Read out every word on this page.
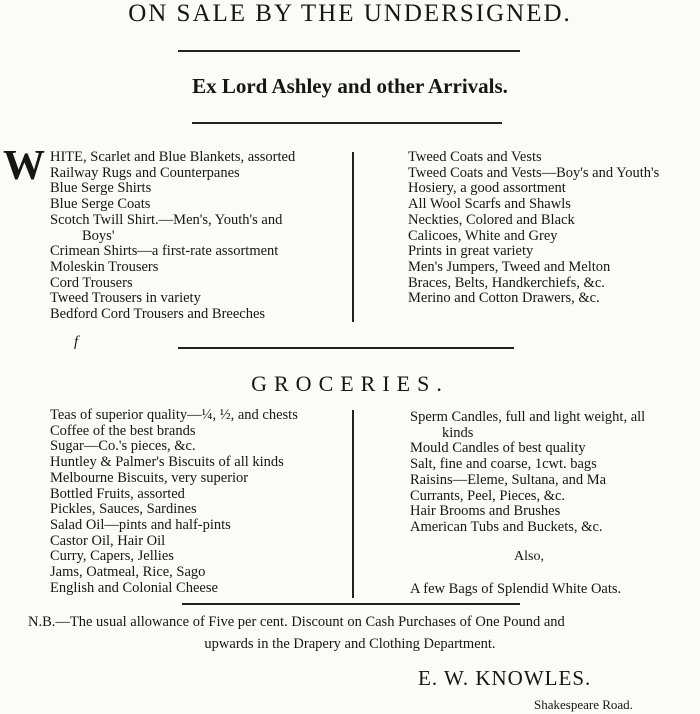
ON SALE BY THE UNDERSIGNED.
Ex Lord Ashley and other Arrivals.
W HITE, Scarlet and Blue Blankets, assorted
Railway Rugs and Counterpanes
Blue Serge Shirts
Blue Serge Coats
Scotch Twill Shirt.—Men's, Youth's and
Boys'
Crimean Shirts—a first-rate assortment
Moleskin Trousers
Cord Trousers
Tweed Trousers in variety
Bedford Cord Trousers and Breeches
Tweed Coats and Vests
Tweed Coats and Vests—Boy's and Youth's
Hosiery, a good assortment
All Wool Scarfs and Shawls
Neckties, Colored and Black
Calicoes, White and Grey
Prints in great variety
Men's Jumpers, Tweed and Melton
Braces, Belts, Handkerchiefs, &c.
Merino and Cotton Drawers, &c.
f
GROCERIES.
Teas of superior quality—¼, ½, and chests
Coffee of the best brands
Sugar—Co.'s pieces, &c.
Huntley & Palmer's Biscuits of all kinds
Melbourne Biscuits, very superior
Bottled Fruits, assorted
Pickles, Sauces, Sardines
Salad Oil—pints and half-pints
Castor Oil, Hair Oil
Curry, Capers, Jellies
Jams, Oatmeal, Rice, Sago
English and Colonial Cheese
Sperm Candles, full and light weight, all
kinds
Mould Candles of best quality
Salt, fine and coarse, 1cwt. bags
Raisins—Eleme, Sultana, and Ma
Currants, Peel, Pieces, &c.
Hair Brooms and Brushes
American Tubs and Buckets, &c.
Also,
A few Bags of Splendid White Oats.
N.B.—The usual allowance of Five per cent. Discount on Cash Purchases of One Pound and
upwards in the Drapery and Clothing Department.
E. W. KNOWLES.
Shakespeare Road.
